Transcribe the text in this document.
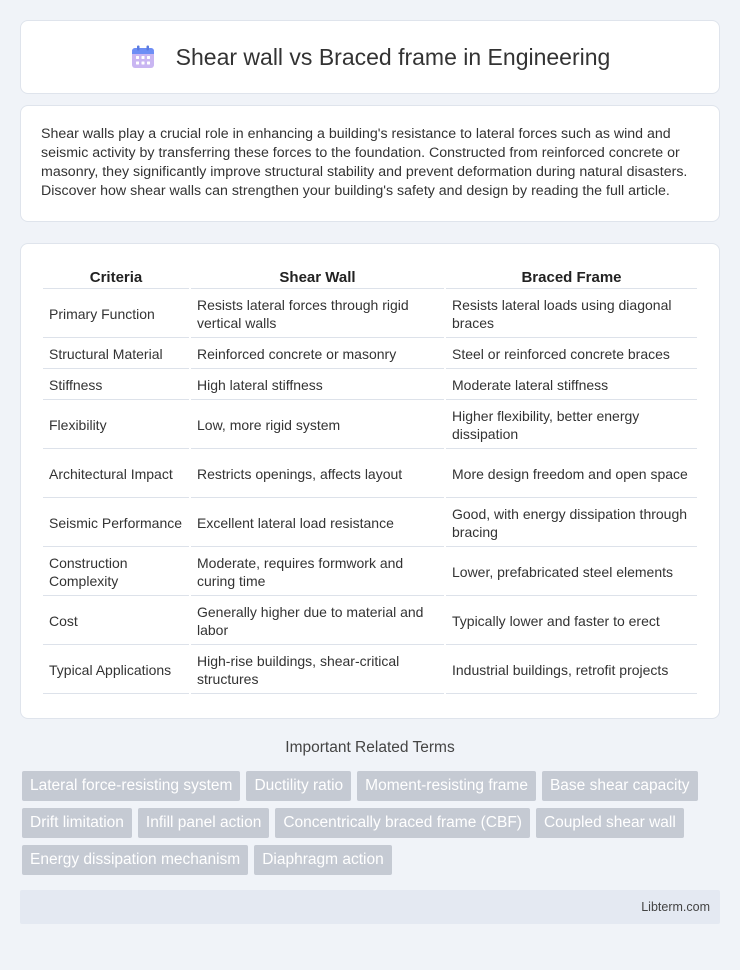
Shear wall vs Braced frame in Engineering

Shear walls play a crucial role in enhancing a building's resistance to lateral forces such as wind and seismic activity by transferring these forces to the foundation. Constructed from reinforced concrete or masonry, they significantly improve structural stability and prevent deformation during natural disasters. Discover how shear walls can strengthen your building's safety and design by reading the full article.

Criteria	Shear Wall	Braced Frame
Primary Function	Resists lateral forces through rigid vertical walls	Resists lateral loads using diagonal braces
Structural Material	Reinforced concrete or masonry	Steel or reinforced concrete braces
Stiffness	High lateral stiffness	Moderate lateral stiffness
Flexibility	Low, more rigid system	Higher flexibility, better energy dissipation
Architectural Impact	Restricts openings, affects layout	More design freedom and open space
Seismic Performance	Excellent lateral load resistance	Good, with energy dissipation through bracing
Construction Complexity	Moderate, requires formwork and curing time	Lower, prefabricated steel elements
Cost	Generally higher due to material and labor	Typically lower and faster to erect
Typical Applications	High-rise buildings, shear-critical structures	Industrial buildings, retrofit projects
Important Related Terms
Lateral force-resisting system	Ductility ratio	Moment-resisting frame	Base shear capacity
Drift limitation	Infill panel action	Concentrically braced frame (CBF)	Coupled shear wall
Energy dissipation mechanism	Diaphragm action
Libterm.com
